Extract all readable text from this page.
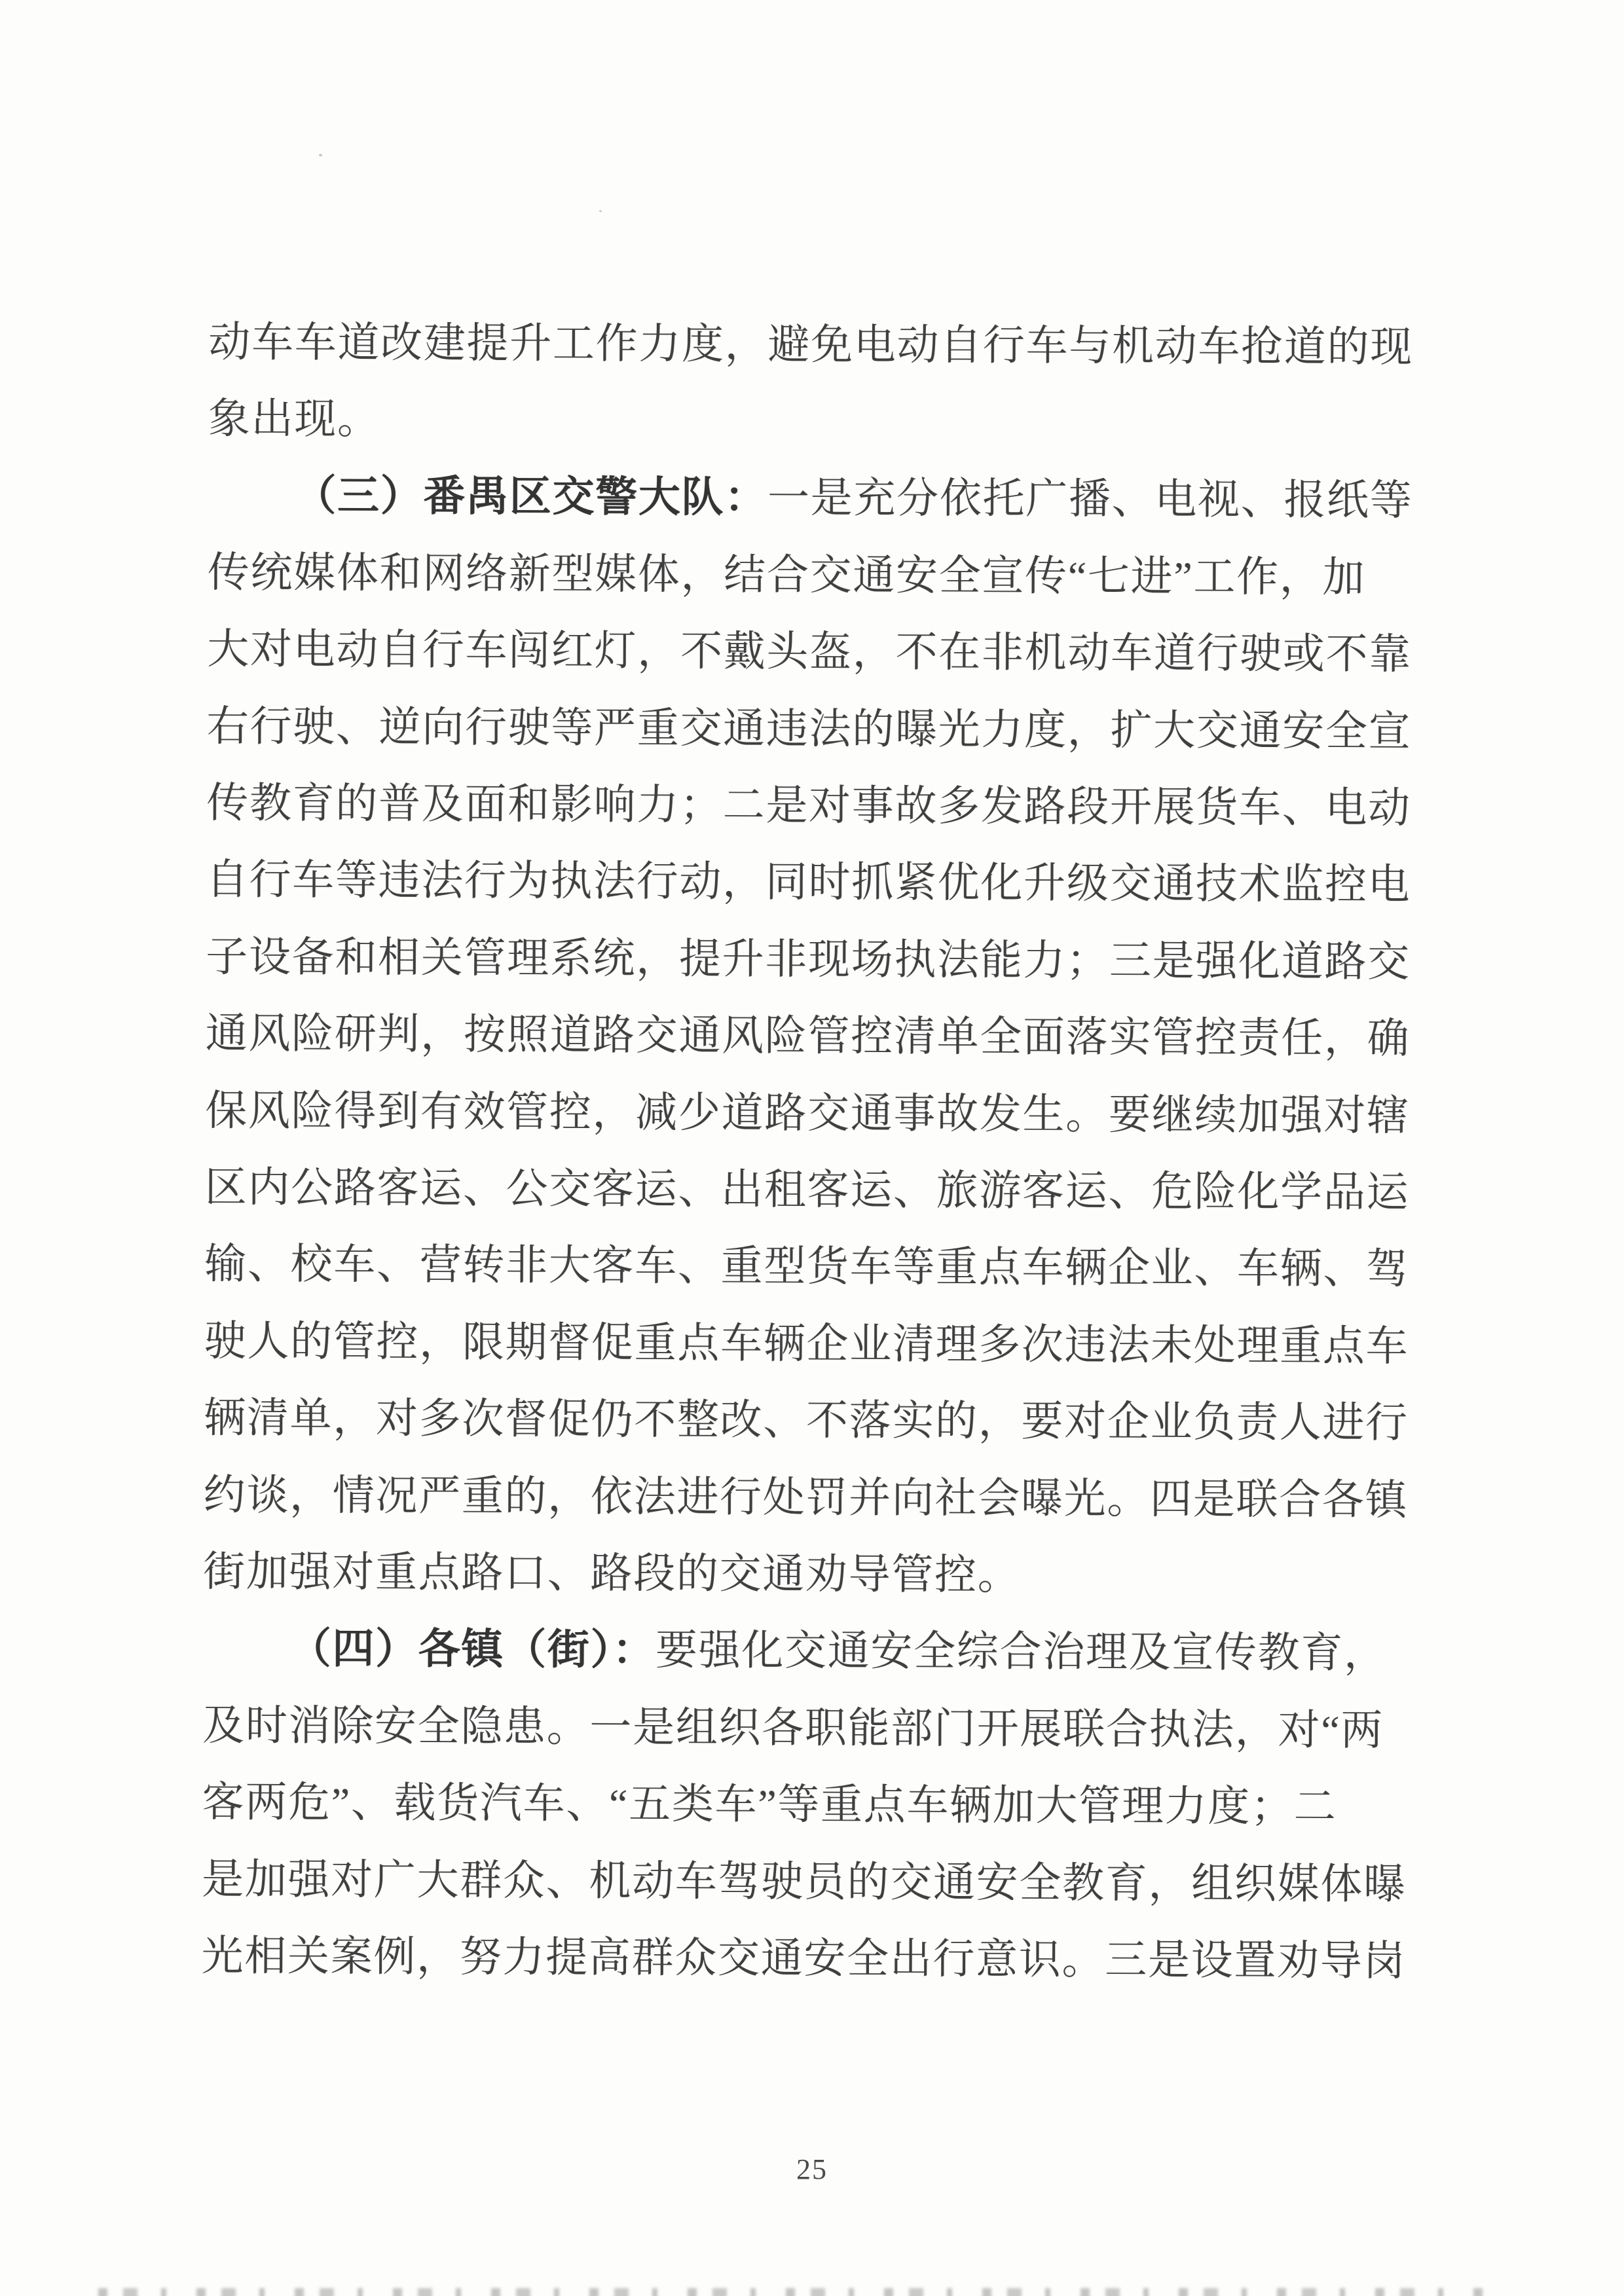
动车车道改建提升工作力度，避免电动自行车与机动车抢道的现
象出现。
（三）番禺区交警大队： 一是充分依托广播、电视、报纸等
传统媒体和网络新型媒体，结合交通安全宣传“七进”工作，加
大对电动自行车闯红灯，不戴头盔，不在非机动车道行驶或不靠
右行驶、逆向行驶等严重交通违法的曝光力度，扩大交通安全宣
传教育的普及面和影响力；二是对事故多发路段开展货车、电动
自行车等违法行为执法行动，同时抓紧优化升级交通技术监控电
子设备和相关管理系统，提升非现场执法能力；三是强化道路交
通风险研判，按照道路交通风险管控清单全面落实管控责任，确
保风险得到有效管控，减少道路交通事故发生。要继续加强对辖
区内公路客运、公交客运、出租客运、旅游客运、危险化学品运
输、校车、营转非大客车、重型货车等重点车辆企业、车辆、驾
驶人的管控，限期督促重点车辆企业清理多次违法未处理重点车
辆清单，对多次督促仍不整改、不落实的，要对企业负责人进行
约谈，情况严重的，依法进行处罚并向社会曝光。四是联合各镇
街加强对重点路口、路段的交通劝导管控。
（四）各镇（街）： 要强化交通安全综合治理及宣传教育，
及时消除安全隐患。一是组织各职能部门开展联合执法，对“两
客两危”、载货汽车、“五类车”等重点车辆加大管理力度；二
是加强对广大群众、机动车驾驶员的交通安全教育，组织媒体曝
光相关案例，努力提高群众交通安全出行意识。三是设置劝导岗
25
